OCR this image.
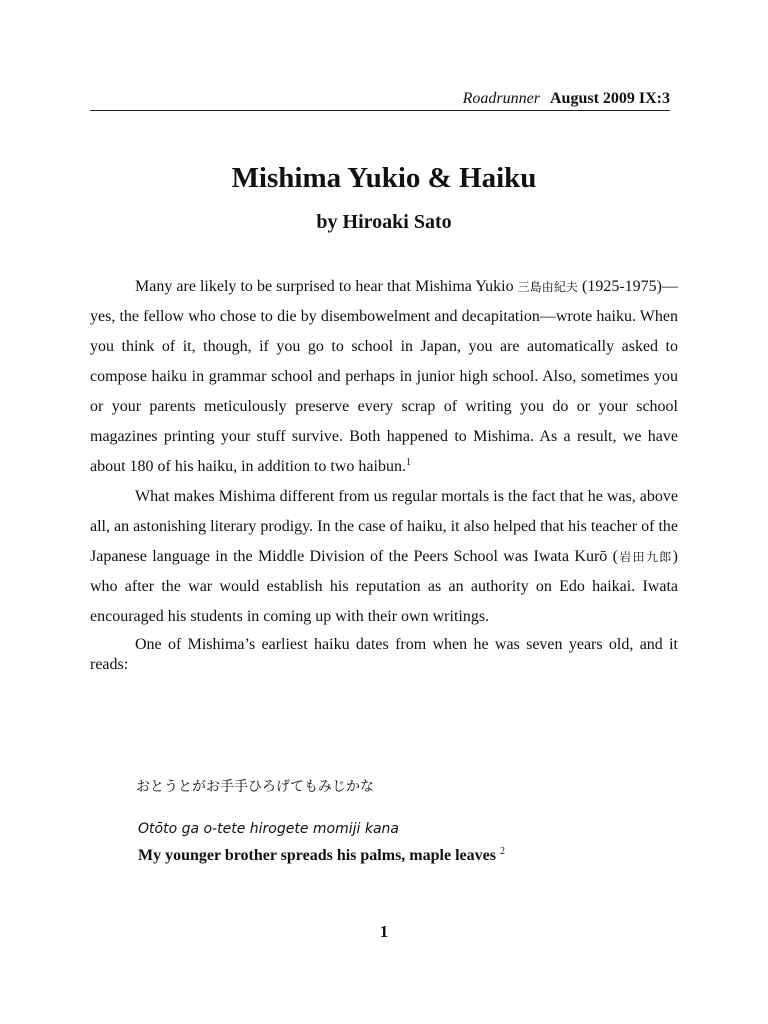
Roadrunner August 2009 IX:3
Mishima Yukio & Haiku
by Hiroaki Sato

Many are likely to be surprised to hear that Mishima Yukio 三島由紀夫 (1925-1975)—yes, the fellow who chose to die by disembowelment and decapitation—wrote haiku. When you think of it, though, if you go to school in Japan, you are automatically asked to compose haiku in grammar school and perhaps in junior high school. Also, sometimes you or your parents meticulously preserve every scrap of writing you do or your school magazines printing your stuff survive. Both happened to Mishima. As a result, we have about 180 of his haiku, in addition to two haibun.$^1$

What makes Mishima different from us regular mortals is the fact that he was, above all, an astonishing literary prodigy. In the case of haiku, it also helped that his teacher of the Japanese language in the Middle Division of the Peers School was Iwata Kurō (岩田九郎) who after the war would establish his reputation as an authority on Edo haikai. Iwata encouraged his students in coming up with their own writings.

One of Mishima’s earliest haiku dates from when he was seven years old, and it reads:

おとうとがお手手ひろげてもみじかな
Otōto ga o-tete hirogete momiji kana
My younger brother spreads his palms, maple leaves $^2$
1
